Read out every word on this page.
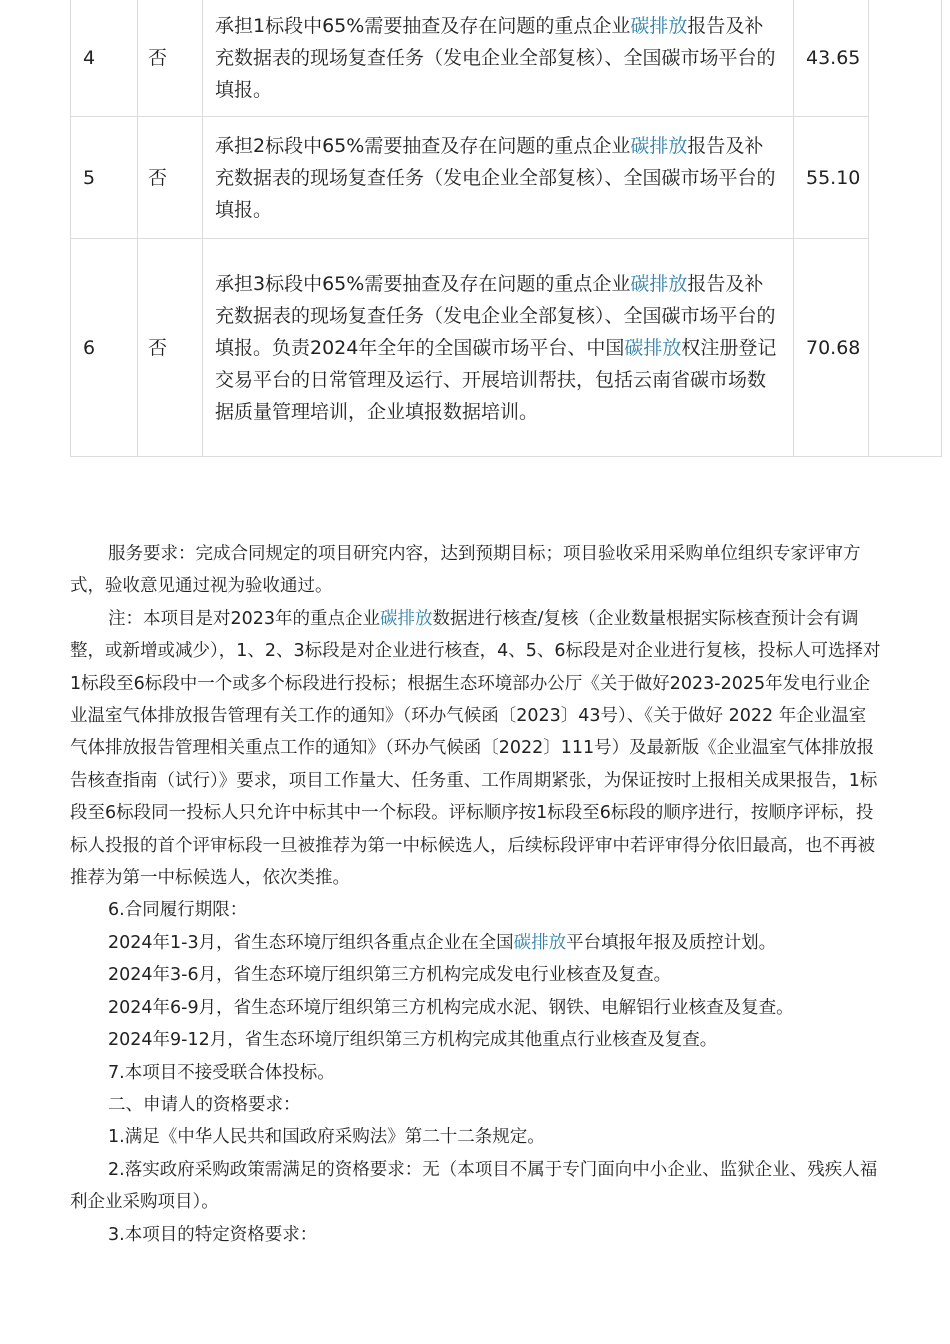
4	否	承担1标段中65%需要抽查及存在问题的重点企业碳排放报告及补充数据表的现场复查任务（发电企业全部复核）、全国碳市场平台的填报。	43.65	
5	否	承担2标段中65%需要抽查及存在问题的重点企业碳排放报告及补充数据表的现场复查任务（发电企业全部复核）、全国碳市场平台的填报。	55.10	
6	否	承担3标段中65%需要抽查及存在问题的重点企业碳排放报告及补充数据表的现场复查任务（发电企业全部复核）、全国碳市场平台的填报。负责2024年全年的全国碳市场平台、中国碳排放权注册登记交易平台的日常管理及运行、开展培训帮扶，包括云南省碳市场数据质量管理培训，企业填报数据培训。	70.68	

服务要求：完成合同规定的项目研究内容，达到预期目标；项目验收采用采购单位组织专家评审方式，验收意见通过视为验收通过。

注：本项目是对2023年的重点企业碳排放数据进行核查/复核（企业数量根据实际核查预计会有调整，或新增或减少），1、2、3标段是对企业进行核查，4、5、6标段是对企业进行复核，投标人可选择对1标段至6标段中一个或多个标段进行投标；根据生态环境部办公厅《关于做好2023-2025年发电行业企业温室气体排放报告管理有关工作的通知》（环办气候函〔2023〕43号）、《关于做好 2022 年企业温室气体排放报告管理相关重点工作的通知》（环办气候函〔2022〕111号）及最新版《企业温室气体排放报告核查指南（试行）》要求，项目工作量大、任务重、工作周期紧张，为保证按时上报相关成果报告，1标段至6标段同一投标人只允许中标其中一个标段。评标顺序按1标段至6标段的顺序进行，按顺序评标，投标人投报的首个评审标段一旦被推荐为第一中标候选人，后续标段评审中若评审得分依旧最高，也不再被推荐为第一中标候选人，依次类推。

6.合同履行期限：

2024年1-3月，省生态环境厅组织各重点企业在全国碳排放平台填报年报及质控计划。

2024年3-6月，省生态环境厅组织第三方机构完成发电行业核查及复查。

2024年6-9月，省生态环境厅组织第三方机构完成水泥、钢铁、电解铝行业核查及复查。

2024年9-12月，省生态环境厅组织第三方机构完成其他重点行业核查及复查。

7.本项目不接受联合体投标。

二、申请人的资格要求：

1.满足《中华人民共和国政府采购法》第二十二条规定。

2.落实政府采购政策需满足的资格要求：无（本项目不属于专门面向中小企业、监狱企业、残疾人福利企业采购项目）。

3.本项目的特定资格要求：
